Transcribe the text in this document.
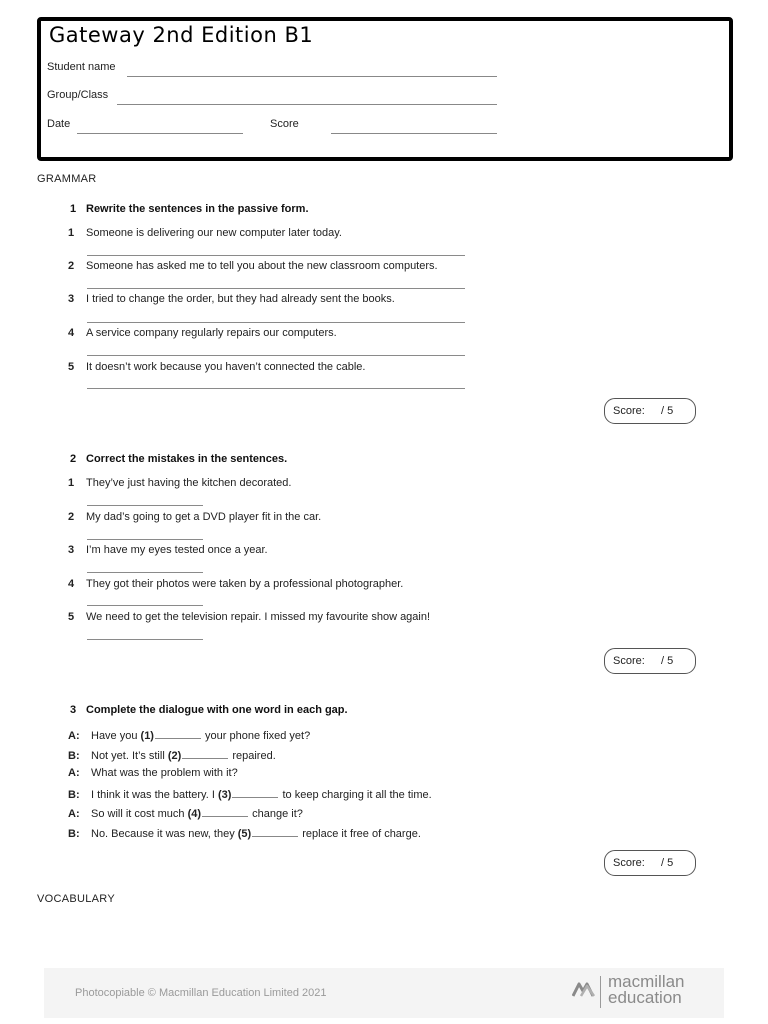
Gateway 2nd Edition B1
Student name
Group/Class
Date	Score
GRAMMAR
1 Rewrite the sentences in the passive form.
1 Someone is delivering our new computer later today.
2 Someone has asked me to tell you about the new classroom computers.
3 I tried to change the order, but they had already sent the books.
4 A service company regularly repairs our computers.
5 It doesn’t work because you haven’t connected the cable.
Score: / 5
2 Correct the mistakes in the sentences.
1 They’ve just having the kitchen decorated.
2 My dad’s going to get a DVD player fit in the car.
3 I’m have my eyes tested once a year.
4 They got their photos were taken by a professional photographer.
5 We need to get the television repair. I missed my favourite show again!
Score: / 5
3 Complete the dialogue with one word in each gap.
A: Have you (1)	your phone fixed yet?
B: Not yet. It’s still (2)	repaired.
A: What was the problem with it?
B: I think it was the battery. I (3)	to keep charging it all the time.
A: So will it cost much (4)	change it?
B: No. Because it was new, they (5)	replace it free of charge.
Score: / 5
VOCABULARY
Photocopiable © Macmillan Education Limited 2021
macmillan
education
